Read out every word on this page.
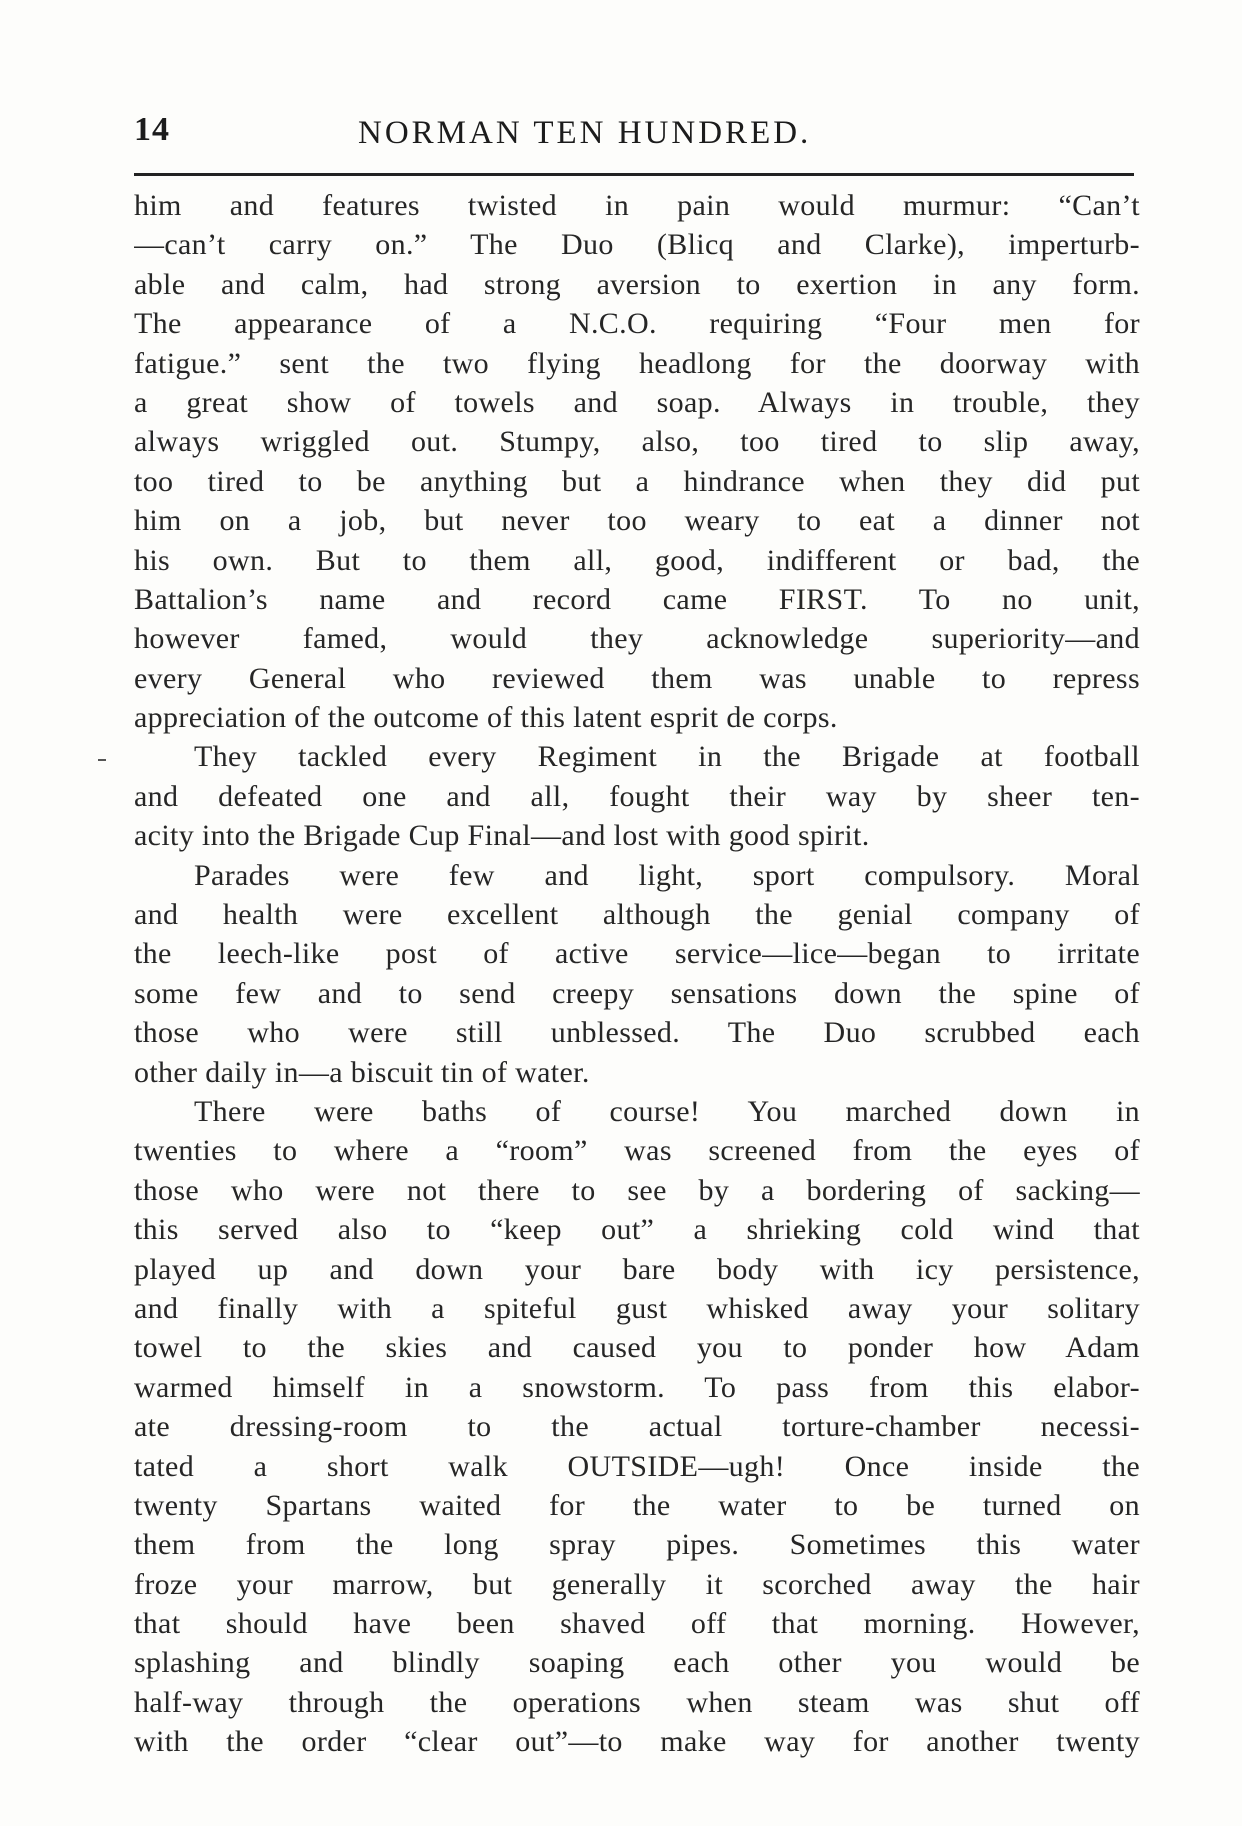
14	NORMAN TEN HUNDRED.
him and features twisted in pain would murmur: “Can’t
—can’t carry on.” The Duo (Blicq and Clarke), imperturb-
able and calm, had strong aversion to exertion in any form.
The appearance of a N.C.O. requiring “Four men for
fatigue.” sent the two flying headlong for the doorway with
a great show of towels and soap. Always in trouble, they
always wriggled out. Stumpy, also, too tired to slip away,
too tired to be anything but a hindrance when they did put
him on a job, but never too weary to eat a dinner not
his own. But to them all, good, indifferent or bad, the
Battalion’s name and record came FIRST. To no unit,
however famed, would they acknowledge superiority—and
every General who reviewed them was unable to repress
appreciation of the outcome of this latent esprit de corps.
They tackled every Regiment in the Brigade at football
and defeated one and all, fought their way by sheer ten-
acity into the Brigade Cup Final—and lost with good spirit.
Parades were few and light, sport compulsory. Moral
and health were excellent although the genial company of
the leech-like post of active service—lice—began to irritate
some few and to send creepy sensations down the spine of
those who were still unblessed. The Duo scrubbed each
other daily in—a biscuit tin of water.
There were baths of course! You marched down in
twenties to where a “room” was screened from the eyes of
those who were not there to see by a bordering of sacking—
this served also to “keep out” a shrieking cold wind that
played up and down your bare body with icy persistence,
and finally with a spiteful gust whisked away your solitary
towel to the skies and caused you to ponder how Adam
warmed himself in a snowstorm. To pass from this elabor-
ate dressing-room to the actual torture-chamber necessi-
tated a short walk OUTSIDE—ugh! Once inside the
twenty Spartans waited for the water to be turned on
them from the long spray pipes. Sometimes this water
froze your marrow, but generally it scorched away the hair
that should have been shaved off that morning. However,
splashing and blindly soaping each other you would be
half-way through the operations when steam was shut off
with the order “clear out”—to make way for another twenty
